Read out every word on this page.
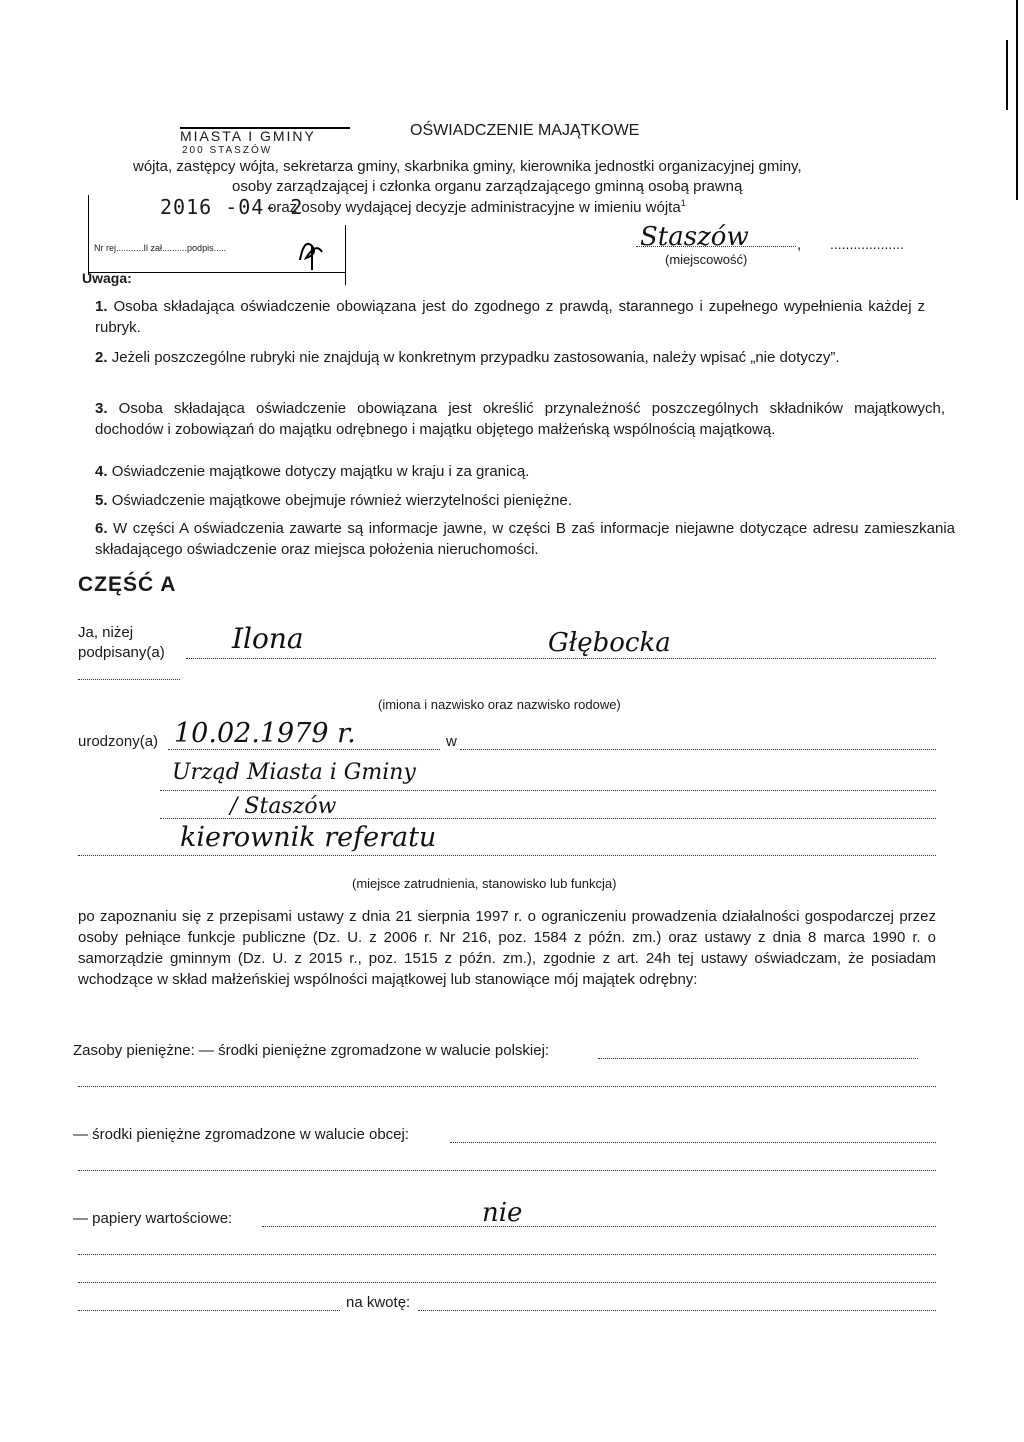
MIASTA I GMINY
200 STASZÓW
2016 -04- 2
Nr rej...........Il zał..........podpis.....
Uwaga:
OŚWIADCZENIE MAJĄTKOWE
wójta, zastępcy wójta, sekretarza gminy, skarbnika gminy, kierownika jednostki organizacyjnej gminy,
osoby zarządzającej i członka organu zarządzającego gminną osobą prawną
oraz osoby wydającej decyzje administracyjne w imieniu wójta$^1$
Staszów	, ...................
(miejscowość)
1. Osoba składająca oświadczenie obowiązana jest do zgodnego z prawdą, starannego i zupełnego wypełnienia każdej z rubryk.
2. Jeżeli poszczególne rubryki nie znajdują w konkretnym przypadku zastosowania, należy wpisać „nie dotyczy”.
3. Osoba składająca oświadczenie obowiązana jest określić przynależność poszczególnych składników majątkowych, dochodów i zobowiązań do majątku odrębnego i majątku objętego małżeńską wspólnością majątkową.
4. Oświadczenie majątkowe dotyczy majątku w kraju i za granicą.
5. Oświadczenie majątkowe obejmuje również wierzytelności pieniężne.
6. W części A oświadczenia zawarte są informacje jawne, w części B zaś informacje niejawne dotyczące adresu zamieszkania składającego oświadczenie oraz miejsca położenia nieruchomości.
CZĘŚĆ A
Ja, niżej
podpisany(a) Ilona	Głębocka
(imiona i nazwisko oraz nazwisko rodowe)
urodzony(a) 10.02.1979 r.	w
Urząd Miasta i Gminy
/ Staszów
kierownik referatu
(miejsce zatrudnienia, stanowisko lub funkcja)
po zapoznaniu się z przepisami ustawy z dnia 21 sierpnia 1997 r. o ograniczeniu prowadzenia działalności gospodarczej przez osoby pełniące funkcje publiczne (Dz. U. z 2006 r. Nr 216, poz. 1584 z późn. zm.) oraz ustawy z dnia 8 marca 1990 r. o samorządzie gminnym (Dz. U. z 2015 r., poz. 1515 z późn. zm.), zgodnie z art. 24h tej ustawy oświadczam, że posiadam wchodzące w skład małżeńskiej wspólności majątkowej lub stanowiące mój majątek odrębny:
Zasoby pieniężne: — środki pieniężne zgromadzone w walucie polskiej:
— środki pieniężne zgromadzone w walucie obcej:
— papiery wartościowe:	nie
na kwotę:
